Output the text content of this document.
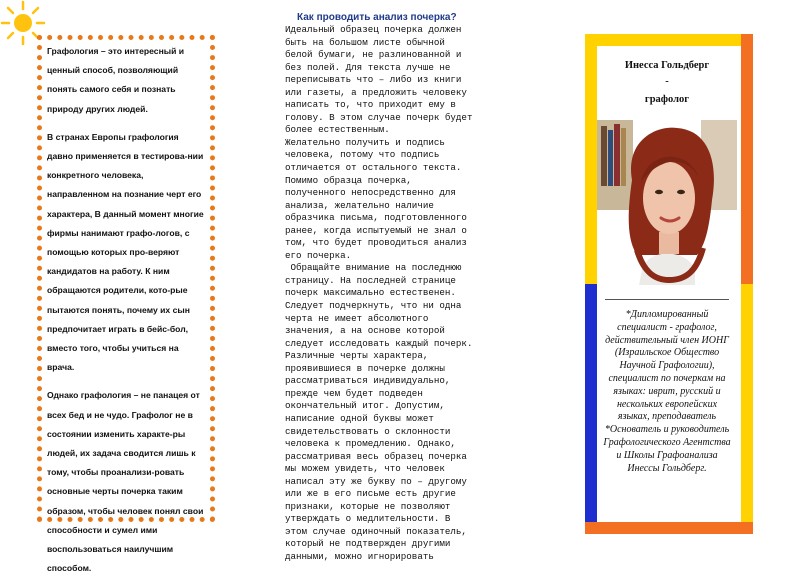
Графология – это интересный и ценный способ, позволяющий понять самого себя и познать природу других людей.

В странах Европы графология давно применяется в тестирова-нии конкретного человека, направленном на познание черт его характера, В данный момент многие фирмы нанимают графо-логов, с помощью которых про-веряют кандидатов на работу. К ним обращаются родители, кото-рые пытаются понять, почему их сын предпочитает играть в бейс-бол, вместо того, чтобы учиться на врача.

Однако графология – не панацея от всех бед и не чудо. Графолог не в состоянии изменить характе-ры людей, их задача сводится лишь к тому, чтобы проанализи-ровать основные черты почерка таким образом, чтобы человек понял свои способности и сумел ими воспользоваться наилучшим способом.

Как проводить анализ почерка?
Идеальный образец почерка должен
быть на большом листе обычной
белой бумаги, не разлинованной и
без полей. Для текста лучше не
переписывать что – либо из книги
или газеты, а предложить человеку
написать то, что приходит ему в
голову. В этом случае почерк будет
более естественным.
Желательно получить и подпись
человека, потому что подпись
отличается от остального текста.
Помимо образца почерка,
полученного непосредственно для
анализа, желательно наличие
образчика письма, подготовленного
ранее, когда испытуемый не знал о
том, что будет проводиться анализ
его почерка.
Обращайте внимание на последнюю
страницу. На последней странице
почерк максимально естественен.
Следует подчеркнуть, что ни одна
черта не имеет абсолютного
значения, а на основе которой
следует исследовать каждый почерк.
Различные черты характера,
проявившиеся в почерке должны
рассматриваться индивидуально,
прежде чем будет подведен
окончательный итог. Допустим,
написание одной буквы может
свидетельствовать о склонности
человека к промедлению. Однако,
рассматривая весь образец почерка
мы можем увидеть, что человек
написал эту же букву по – другому
или же в его письме есть другие
признаки, которые не позволяют
утверждать о медлительности. В
этом случае одиночный показатель,
который не подтвержден другими
данными, можно игнорировать
Инесса Гольдберг
-
графолог
*Дипломированный специалист - графолог, действительный член ИОНГ (Израильское Общество Научной Графологии), специалист по почеркам на языках: иврит, русский и нескольких европейских языках, преподаватель
*Основатель и руководитель Графологического Агентства и Школы Графоанализа Инессы Гольдберг.
